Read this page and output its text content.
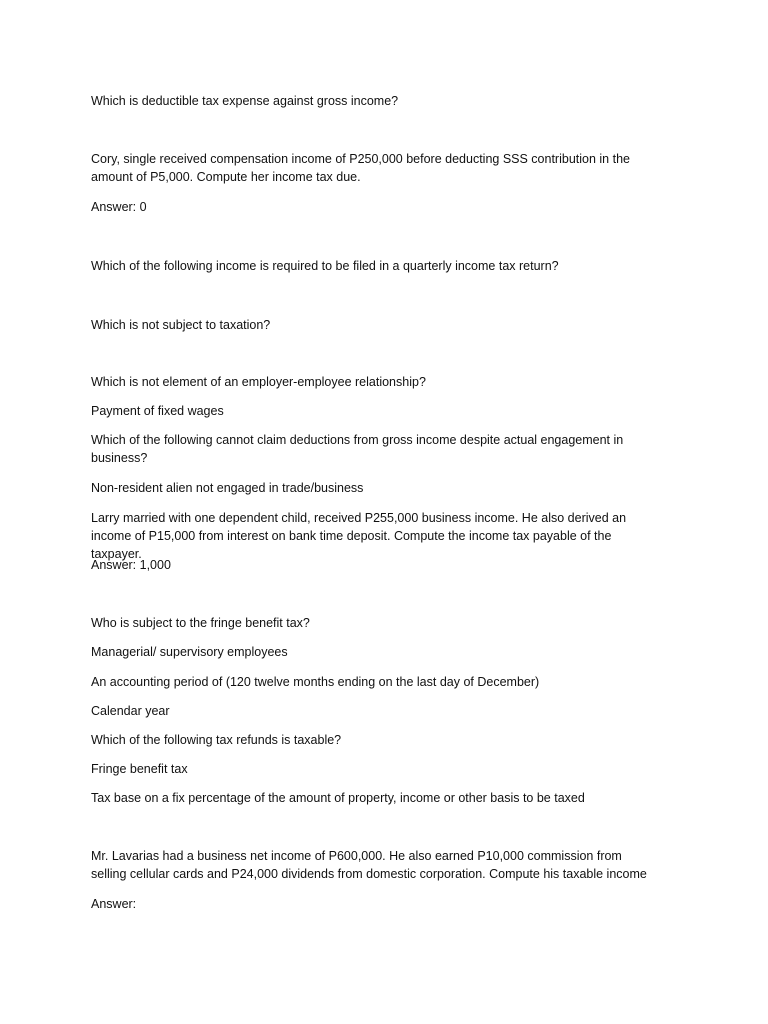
Which is deductible tax expense against gross income?

Cory, single received compensation income of P250,000 before deducting SSS contribution in the amount of P5,000. Compute her income tax due.

Answer: 0

Which of the following income is required to be filed in a quarterly income tax return?

Which is not subject to taxation?

Which is not element of an employer-employee relationship?

Payment of fixed wages

Which of the following cannot claim deductions from gross income despite actual engagement in business?

Non-resident alien not engaged in trade/business

Larry married with one dependent child, received P255,000 business income. He also derived an income of P15,000 from interest on bank time deposit. Compute the income tax payable of the taxpayer.

Answer: 1,000

Who is subject to the fringe benefit tax?

Managerial/ supervisory employees

An accounting period of (120 twelve months ending on the last day of December)

Calendar year

Which of the following tax refunds is taxable?

Fringe benefit tax

Tax base on a fix percentage of the amount of property, income or other basis to be taxed

Mr. Lavarias had a business net income of P600,000. He also earned P10,000 commission from selling cellular cards and P24,000 dividends from domestic corporation. Compute his taxable income

Answer:
